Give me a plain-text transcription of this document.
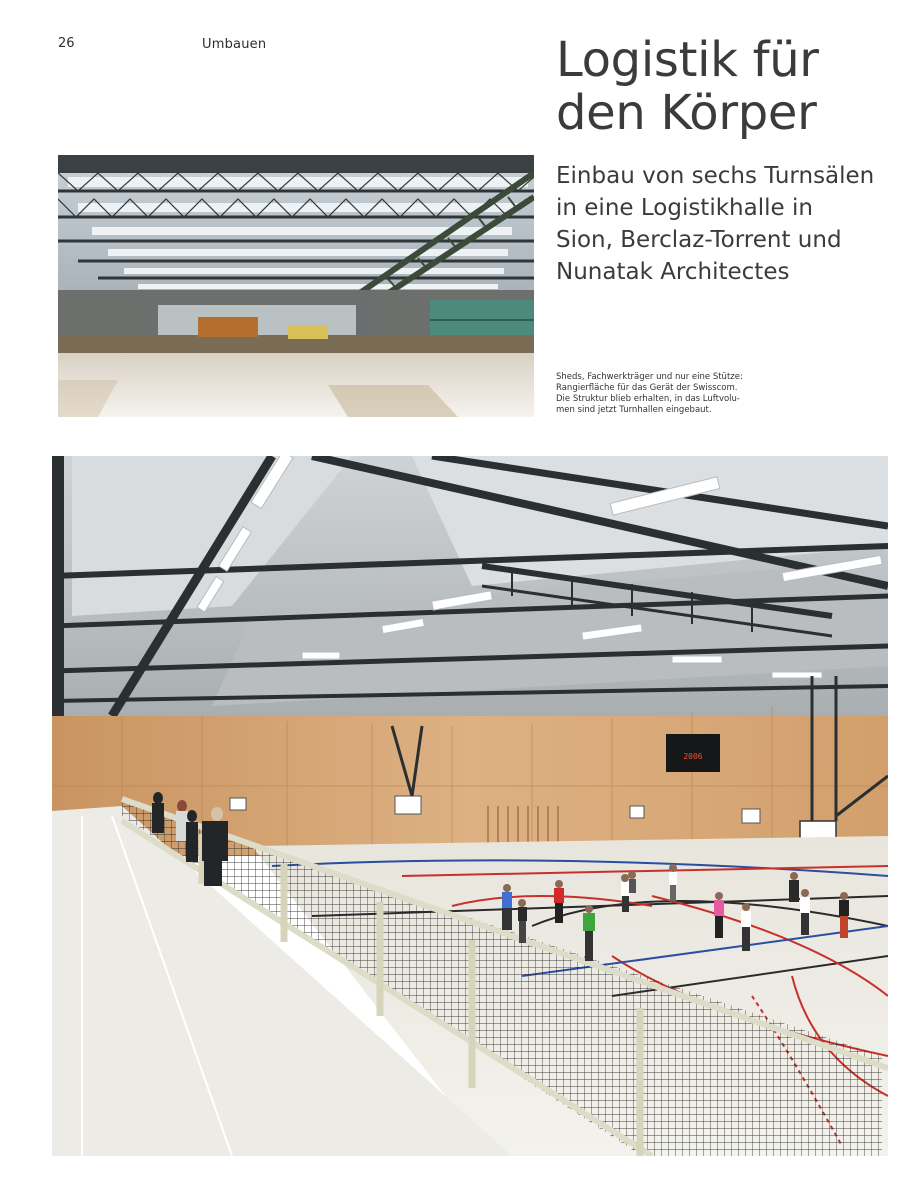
26	Umbauen	Logistik für
den Körper
Einbau von sechs Turnsälen
in eine Logistikhalle in
Sion, Berclaz-Torrent und
Nunatak Architectes

Sheds, Fachwerkträger und nur eine Stütze:
Rangierfläche für das Gerät der Swisscom.
Die Struktur blieb erhalten, in das Luftvolu-
men sind jetzt Turnhallen eingebaut.

2006
